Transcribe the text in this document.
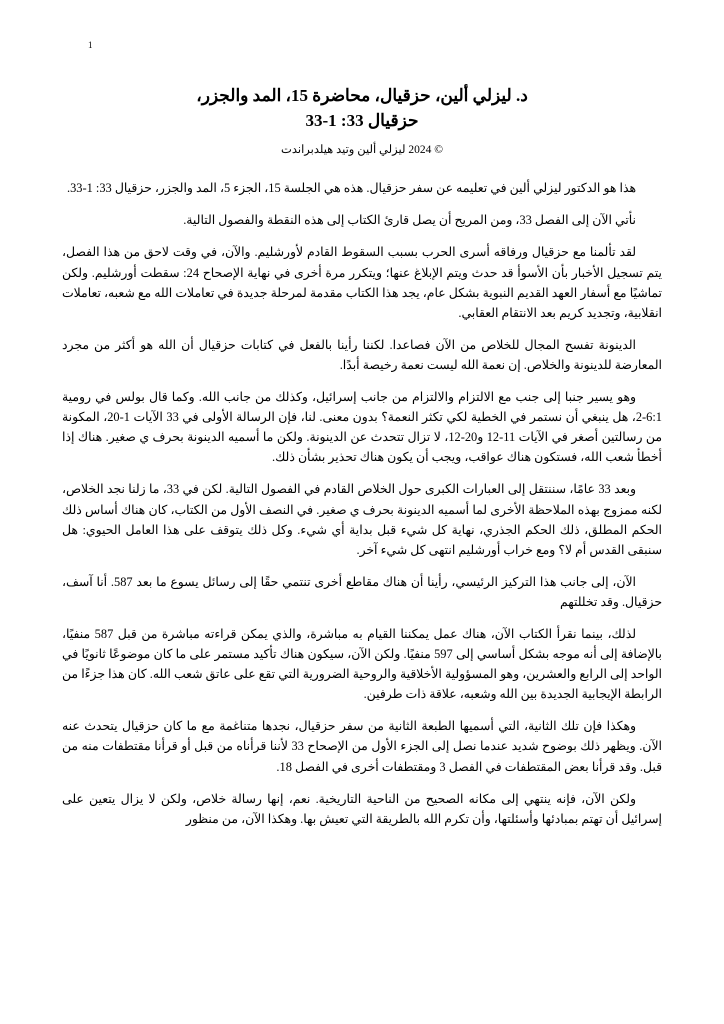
1
د. ليزلي ألين، حزقيال، محاضرة 15، المد والجزر،
حزقيال 33: 1-33
© 2024 ليزلي ألين وتيد هيلدبراندت

هذا هو الدكتور ليزلي ألين في تعليمه عن سفر حزقيال. هذه هي الجلسة 15، الجزء 5، المد والجزر، حزقيال 33: 1-33.

نأتي الآن إلى الفصل 33، ومن المريح أن يصل قارئ الكتاب إلى هذه النقطة والفصول التالية.

لقد تألمنا مع حزقيال ورفاقه أسرى الحرب بسبب السقوط القادم لأورشليم. والآن، في وقت لاحق من هذا الفصل، يتم تسجيل الأخبار بأن الأسوأ قد حدث ويتم الإبلاغ عنها؛ ويتكرر مرة أخرى في نهاية الإصحاح 24: سقطت أورشليم. ولكن تماشيًا مع أسفار العهد القديم النبوية بشكل عام، يجد هذا الكتاب مقدمة لمرحلة جديدة في تعاملات الله مع شعبه، تعاملات انقلابية، وتجديد كريم بعد الانتقام العقابي.

الدينونة تفسح المجال للخلاص من الآن فصاعدا. لكننا رأينا بالفعل في كتابات حزقيال أن الله هو أكثر من مجرد المعارضة للدينونة والخلاص. إن نعمة الله ليست نعمة رخيصة أبدًا.

وهو يسير جنبا إلى جنب مع الالتزام والالتزام من جانب إسرائيل، وكذلك من جانب الله. وكما قال بولس في رومية 6:1-2، هل ينبغي أن نستمر في الخطية لكي تكثر النعمة؟ بدون معنى. لنا، فإن الرسالة الأولى في 33 الآيات 1-20، المكونة من رسالتين أصغر في الآيات 11-12 و20-12، لا تزال تتحدث عن الدينونة. ولكن ما أسميه الدينونة بحرف ي صغير. هناك إذا أخطأ شعب الله، فستكون هناك عواقب، ويجب أن يكون هناك تحذير بشأن ذلك.

وبعد 33 عامًا، سننتقل إلى العبارات الكبرى حول الخلاص القادم في الفصول التالية. لكن في 33، ما زلنا نجد الخلاص، لكنه ممزوج بهذه الملاحظة الأخرى لما أسميه الدينونة بحرف ي صغير. في النصف الأول من الكتاب، كان هناك أساس ذلك الحكم المطلق، ذلك الحكم الجذري، نهاية كل شيء قبل بداية أي شيء. وكل ذلك يتوقف على هذا العامل الحيوي: هل سنبقى القدس أم لا؟ ومع خراب أورشليم انتهى كل شيء آخر.

الآن، إلى جانب هذا التركيز الرئيسي، رأينا أن هناك مقاطع أخرى تنتمي حقًا إلى رسائل يسوع ما بعد 587. أنا آسف، حزقيال. وقد تخللتهم

لذلك، بينما نقرأ الكتاب الآن، هناك عمل يمكننا القيام به مباشرة، والذي يمكن قراءته مباشرة من قبل 587 منفيًا، بالإضافة إلى أنه موجه بشكل أساسي إلى 597 منفيًا. ولكن الآن، سيكون هناك تأكيد مستمر على ما كان موضوعًا ثانويًا في الواحد إلى الرابع والعشرين، وهو المسؤولية الأخلاقية والروحية الضرورية التي تقع على عاتق شعب الله. كان هذا جزءًا من الرابطة الإيجابية الجديدة بين الله وشعبه، علاقة ذات طرفين.

وهكذا فإن تلك الثانية، التي أسميها الطبعة الثانية من سفر حزقيال، نجدها متناغمة مع ما كان حزقيال يتحدث عنه الآن. ويظهر ذلك بوضوح شديد عندما نصل إلى الجزء الأول من الإصحاح 33 لأننا قرأناه من قبل أو قرأنا مقتطفات منه من قبل. وقد قرأنا بعض المقتطفات في الفصل 3 ومقتطفات أخرى في الفصل 18.

ولكن الآن، فإنه ينتهي إلى مكانه الصحيح من الناحية التاريخية. نعم، إنها رسالة خلاص، ولكن لا يزال يتعين على إسرائيل أن تهتم بمبادئها وأسئلتها، وأن تكرم الله بالطريقة التي تعيش بها. وهكذا الآن، من منظور
